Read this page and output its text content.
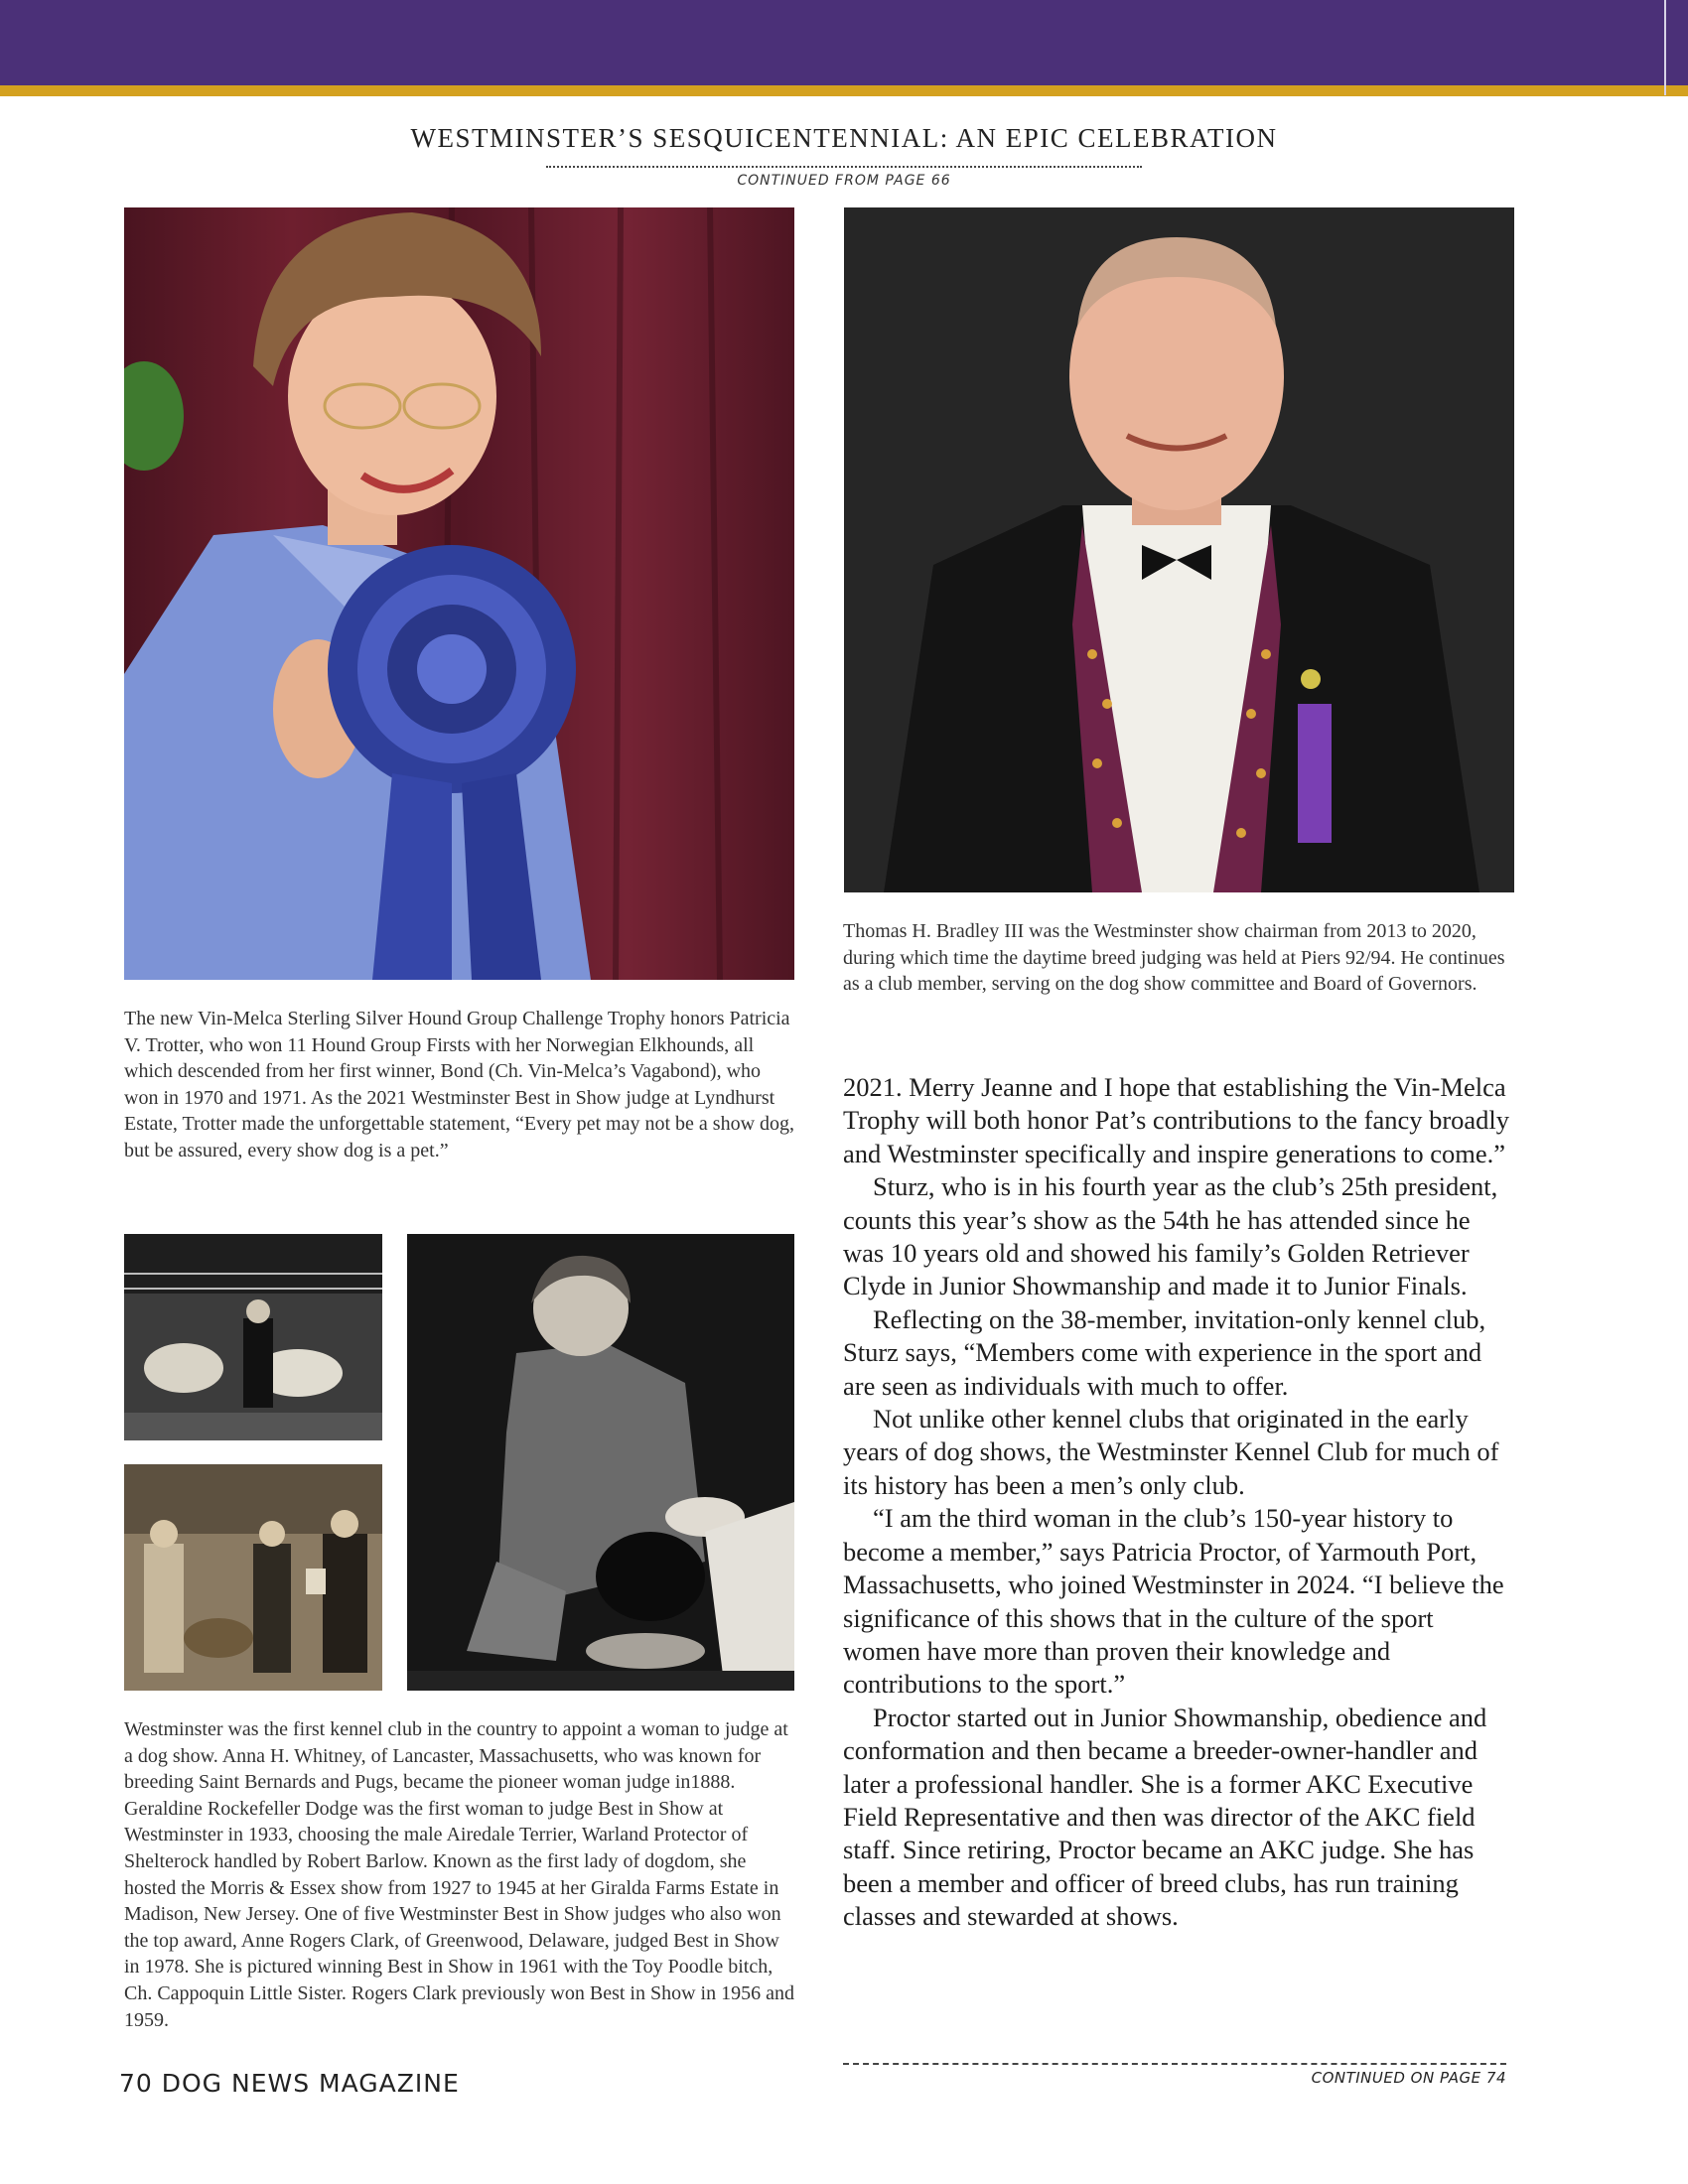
WESTMINSTER’S SESQUICENTENNIAL: AN EPIC CELEBRATION
CONTINUED FROM PAGE 66
The new Vin-Melca Sterling Silver Hound Group Challenge Trophy honors Patricia V. Trotter, who won 11 Hound Group Firsts with her Norwegian Elkhounds, all which descended from her first winner, Bond (Ch. Vin-Melca’s Vagabond), who won in 1970 and 1971. As the 2021 Westminster Best in Show judge at Lyndhurst Estate, Trotter made the unforgettable statement, “Every pet may not be a show dog, but be assured, every show dog is a pet.”
Thomas H. Bradley III was the Westminster show chairman from 2013 to 2020, during which time the daytime breed judging was held at Piers 92/94. He continues as a club member, serving on the dog show committee and Board of Governors.
Westminster was the first kennel club in the country to appoint a woman to judge at a dog show. Anna H. Whitney, of Lancaster, Massachusetts, who was known for breeding Saint Bernards and Pugs, became the pioneer woman judge in1888. Geraldine Rockefeller Dodge was the first woman to judge Best in Show at Westminster in 1933, choosing the male Airedale Terrier, Warland Protector of Shelterock handled by Robert Barlow. Known as the first lady of dogdom, she hosted the Morris & Essex show from 1927 to 1945 at her Giralda Farms Estate in Madison, New Jersey. One of five Westminster Best in Show judges who also won the top award, Anne Rogers Clark, of Greenwood, Delaware, judged Best in Show in 1978. She is pictured winning Best in Show in 1961 with the Toy Poodle bitch, Ch. Cappoquin Little Sister. Rogers Clark previously won Best in Show in 1956 and 1959.

2021. Merry Jeanne and I hope that establishing the Vin-Melca Trophy will both honor Pat’s contributions to the fancy broadly and Westminster specifically and inspire generations to come.”

Sturz, who is in his fourth year as the club’s 25th president, counts this year’s show as the 54th he has attended since he was 10 years old and showed his family’s Golden Retriever Clyde in Junior Showmanship and made it to Junior Finals.

Reflecting on the 38-member, invitation-only kennel club, Sturz says, “Members come with experience in the sport and are seen as individuals with much to offer.

Not unlike other kennel clubs that originated in the early years of dog shows, the Westminster Kennel Club for much of its history has been a men’s only club.

“I am the third woman in the club’s 150-year history to become a member,” says Patricia Proctor, of Yarmouth Port, Massachusetts, who joined Westminster in 2024. “I believe the significance of this shows that in the culture of the sport women have more than proven their knowledge and contributions to the sport.”

Proctor started out in Junior Showmanship, obedience and conformation and then became a breeder-owner-handler and later a professional handler. She is a former AKC Executive Field Representative and then was director of the AKC field staff. Since retiring, Proctor became an AKC judge. She has been a member and officer of breed clubs, has run training classes and stewarded at shows.

CONTINUED ON PAGE 74
70 DOG NEWS MAGAZINE
